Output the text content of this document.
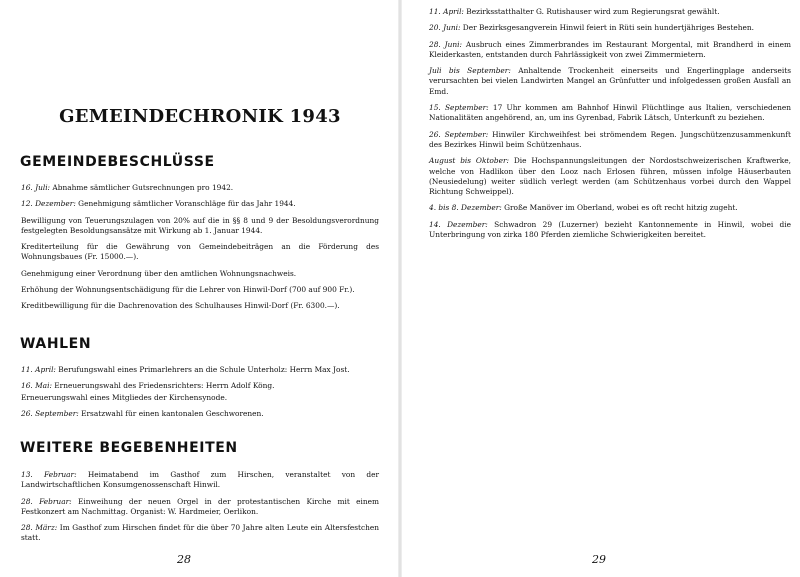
GEMEINDECHRONIK 1943
GEMEINDEBESCHLÜSSE

16. Juli: Abnahme sämtlicher Gutsrechnungen pro 1942.

12. Dezember: Genehmigung sämtlicher Voranschläge für das Jahr 1944.

Bewilligung von Teuerungszulagen von 20% auf die in §§ 8 und 9 der Besoldungsverordnung festgelegten Besoldungsansätze mit Wirkung ab 1. Januar 1944.

Krediterteilung für die Gewährung von Gemeindebeiträgen an die Förderung des Wohnungsbaues (Fr. 15000.—).

Genehmigung einer Verordnung über den amtlichen Wohnungsnachweis.

Erhöhung der Wohnungsentschädigung für die Lehrer von Hinwil-Dorf (700 auf 900 Fr.).

Kreditbewilligung für die Dachrenovation des Schulhauses Hinwil-Dorf (Fr. 6300.—).

WAHLEN

11. April: Berufungswahl eines Primarlehrers an die Schule Unterholz: Herrn Max Jost.

16. Mai: Erneuerungswahl des Friedensrichters: Herrn Adolf Köng.

Erneuerungswahl eines Mitgliedes der Kirchensynode.

26. September: Ersatzwahl für einen kantonalen Geschworenen.

WEITERE BEGEBENHEITEN

13. Februar: Heimatabend im Gasthof zum Hirschen, veranstaltet von der Landwirtschaftlichen Konsumgenossenschaft Hinwil.

28. Februar: Einweihung der neuen Orgel in der protestantischen Kirche mit einem Festkonzert am Nachmittag. Organist: W. Hardmeier, Oerlikon.

28. März: Im Gasthof zum Hirschen findet für die über 70 Jahre alten Leute ein Altersfestchen statt.

28

11. April: Bezirksstatthalter G. Rutishauser wird zum Regierungsrat gewählt.

20. Juni: Der Bezirksgesangverein Hinwil feiert in Rüti sein hundertjähriges Bestehen.

28. Juni: Ausbruch eines Zimmerbrandes im Restaurant Morgental, mit Brandherd in einem Kleiderkasten, entstanden durch Fahrlässigkeit von zwei Zimmermietern.

Juli bis September: Anhaltende Trockenheit einerseits und Engerlingplage anderseits verursachten bei vielen Landwirten Mangel an Grünfutter und infolgedessen großen Ausfall an Emd.

15. September: 17 Uhr kommen am Bahnhof Hinwil Flüchtlinge aus Italien, verschiedenen Nationalitäten angehörend, an, um ins Gyrenbad, Fabrik Lätsch, Unterkunft zu beziehen.

26. September: Hinwiler Kirchweihfest bei strömendem Regen. Jungschützenzusammenkunft des Bezirkes Hinwil beim Schützenhaus.

August bis Oktober: Die Hochspannungsleitungen der Nordostschweizerischen Kraftwerke, welche von Hadlikon über den Looz nach Erlosen führen, müssen infolge Häuserbauten (Neusiedelung) weiter südlich verlegt werden (am Schützenhaus vorbei durch den Wappel Richtung Schweippel).

4. bis 8. Dezember: Große Manöver im Oberland, wobei es oft recht hitzig zugeht.

14. Dezember: Schwadron 29 (Luzerner) bezieht Kantonnemente in Hinwil, wobei die Unterbringung von zirka 180 Pferden ziemliche Schwierigkeiten bereitet.

29
